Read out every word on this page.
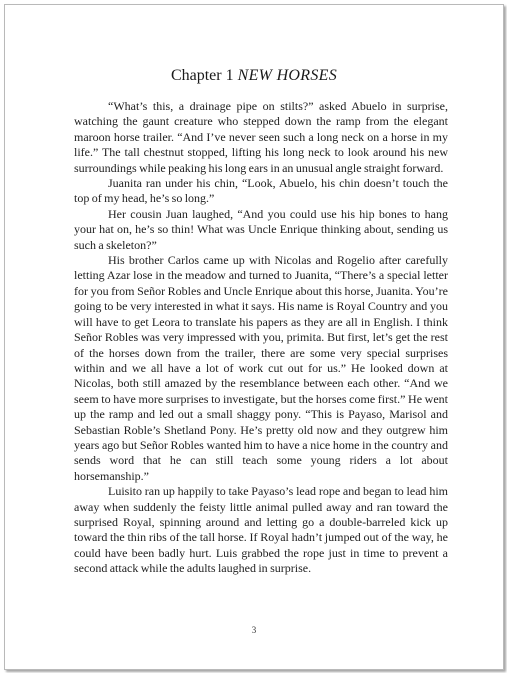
Chapter 1 NEW HORSES

“What’s this, a drainage pipe on stilts?” asked Abuelo in surprise, watching the gaunt creature who stepped down the ramp from the elegant maroon horse trailer. “And I’ve never seen such a long neck on a horse in my life.” The tall chestnut stopped, lifting his long neck to look around his new surroundings while peaking his long ears in an unusual angle straight forward.

Juanita ran under his chin, “Look, Abuelo, his chin doesn’t touch the top of my head, he’s so long.”

Her cousin Juan laughed, “And you could use his hip bones to hang your hat on, he’s so thin! What was Uncle Enrique thinking about, sending us such a skeleton?”

His brother Carlos came up with Nicolas and Rogelio after carefully letting Azar lose in the meadow and turned to Juanita, “There’s a special letter for you from Señor Robles and Uncle Enrique about this horse, Juanita. You’re going to be very interested in what it says. His name is Royal Country and you will have to get Leora to translate his papers as they are all in English. I think Señor Robles was very impressed with you, primita. But first, let’s get the rest of the horses down from the trailer, there are some very special surprises within and we all have a lot of work cut out for us.” He looked down at Nicolas, both still amazed by the resemblance between each other. “And we seem to have more surprises to investigate, but the horses come first.” He went up the ramp and led out a small shaggy pony. “This is Payaso, Marisol and Sebastian Roble’s Shetland Pony. He’s pretty old now and they outgrew him years ago but Señor Robles wanted him to have a nice home in the country and sends word that he can still teach some young riders a lot about horsemanship.”

Luisito ran up happily to take Payaso’s lead rope and began to lead him away when suddenly the feisty little animal pulled away and ran toward the surprised Royal, spinning around and letting go a double-barreled kick up toward the thin ribs of the tall horse. If Royal hadn’t jumped out of the way, he could have been badly hurt. Luis grabbed the rope just in time to prevent a second attack while the adults laughed in surprise.

3
